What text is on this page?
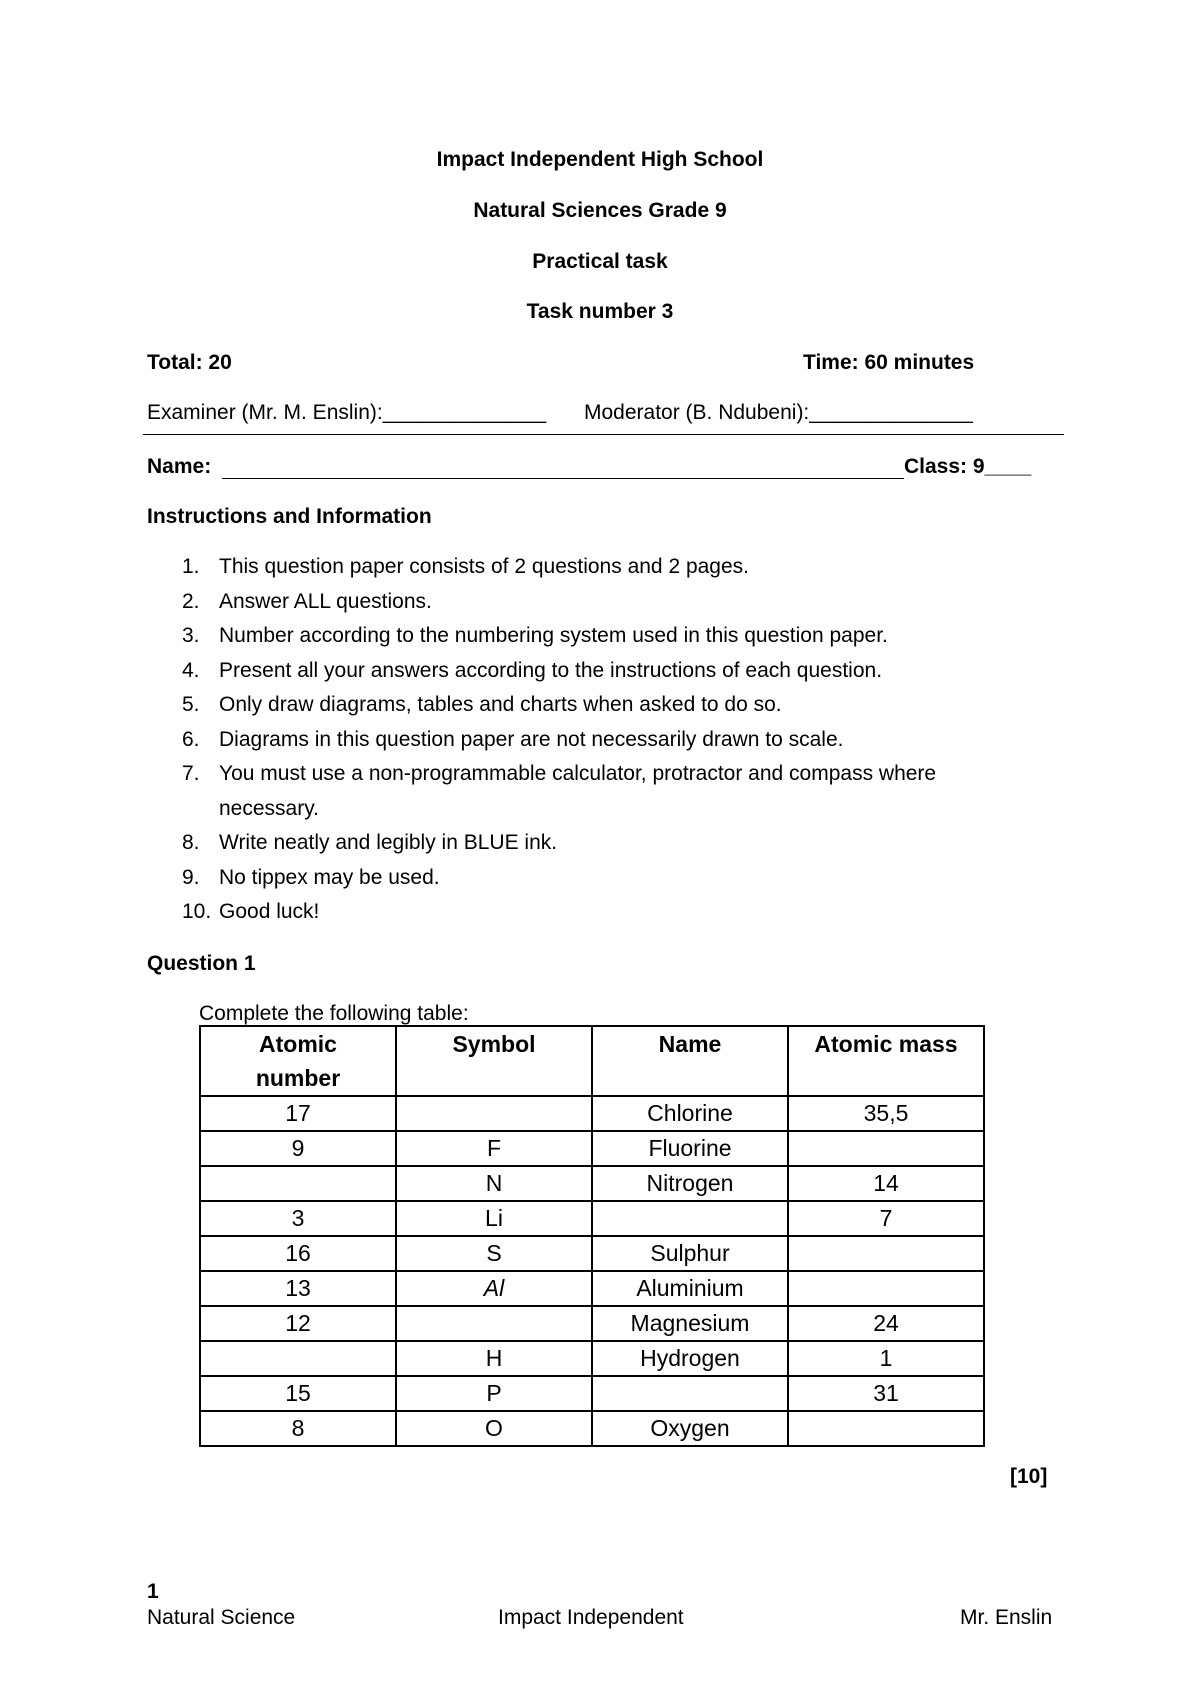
Impact Independent High School
Natural Sciences Grade 9
Practical task
Task number 3
Total: 20	Time: 60 minutes
Examiner (Mr. M. Enslin):______________ Moderator (B. Ndubeni):______________
Name:	Class: 9____
Instructions and Information
1. This question paper consists of 2 questions and 2 pages.
2. Answer ALL questions.
3. Number according to the numbering system used in this question paper.
4. Present all your answers according to the instructions of each question.
5. Only draw diagrams, tables and charts when asked to do so.
6. Diagrams in this question paper are not necessarily drawn to scale.
7. You must use a non-programmable calculator, protractor and compass where necessary.
8. Write neatly and legibly in BLUE ink.
9. No tippex may be used.
10. Good luck!
Question 1
Complete the following table:
Atomic number	Symbol	Name	Atomic mass
17		Chlorine	35,5
9	F	Fluorine	
	N	Nitrogen	14
3	Li		7
16	S	Sulphur	
13	Al	Aluminium	
12		Magnesium	24
	H	Hydrogen	1
15	P		31
8	O	Oxygen	
[10]
1
Natural Science	Impact Independent	Mr. Enslin
